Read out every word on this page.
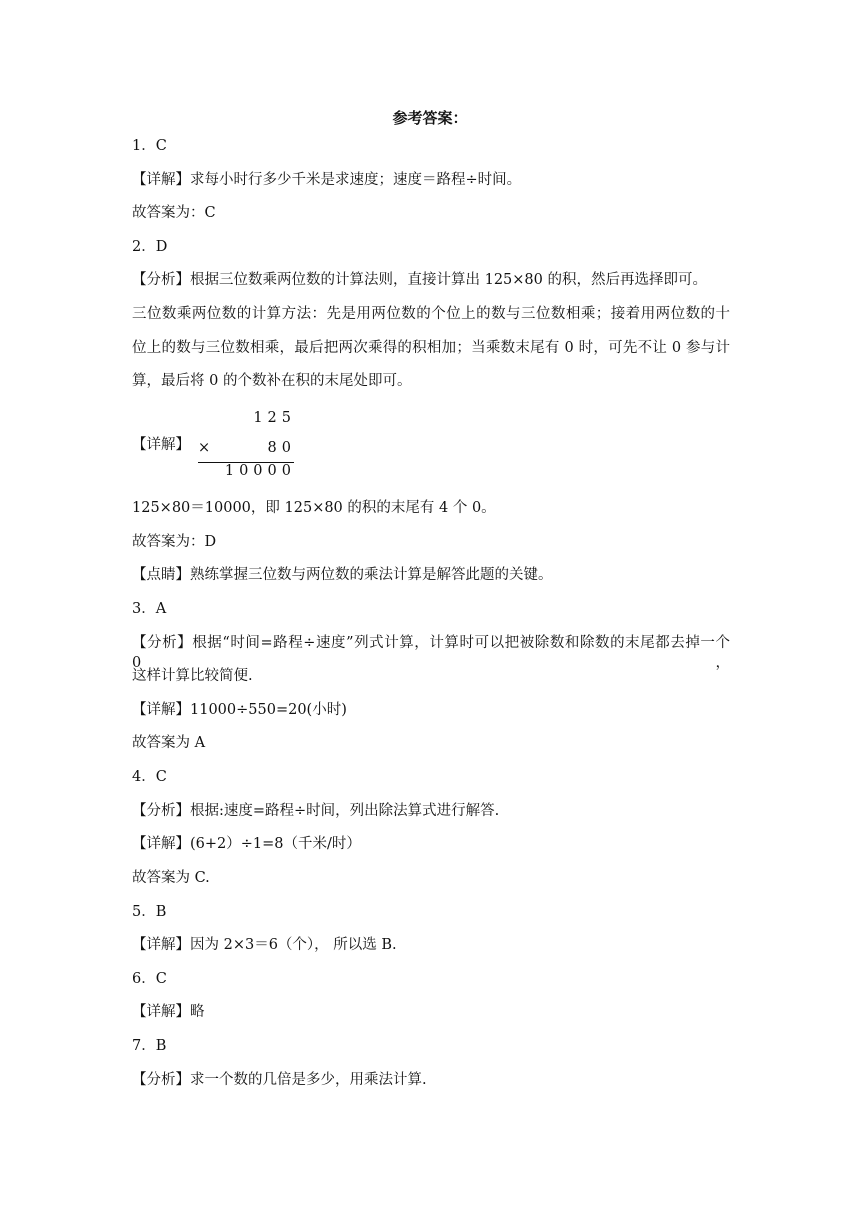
参考答案：
1．C
【详解】求每小时行多少千米是求速度；速度＝路程÷时间。
故答案为：C
2．D
【分析】根据三位数乘两位数的计算法则，直接计算出 125×80 的积，然后再选择即可。
三位数乘两位数的计算方法：先是用两位数的个位上的数与三位数相乘；接着用两位数的十
位上的数与三位数相乘，最后把两次乘得的积相加；当乘数末尾有 0 时，可先不让 0 参与计
算，最后将 0 的个数补在积的末尾处即可。
【详解】
125
×	80
10000
125×80＝10000，即 125×80 的积的末尾有 4 个 0。
故答案为：D
【点睛】熟练掌握三位数与两位数的乘法计算是解答此题的关键。
3．A
【分析】根据“时间=路程÷速度”列式计算，计算时可以把被除数和除数的末尾都去掉一个 0，
这样计算比较简便.
【详解】11000÷550=20(小时)
故答案为 A
4．C
【分析】根据:速度=路程÷时间，列出除法算式进行解答.
【详解】(6+2）÷1=8（千米/时）
故答案为 C.
5．B
【详解】因为 2×3＝6（个）， 所以选 B.
6．C
【详解】略
7．B
【分析】求一个数的几倍是多少，用乘法计算.
